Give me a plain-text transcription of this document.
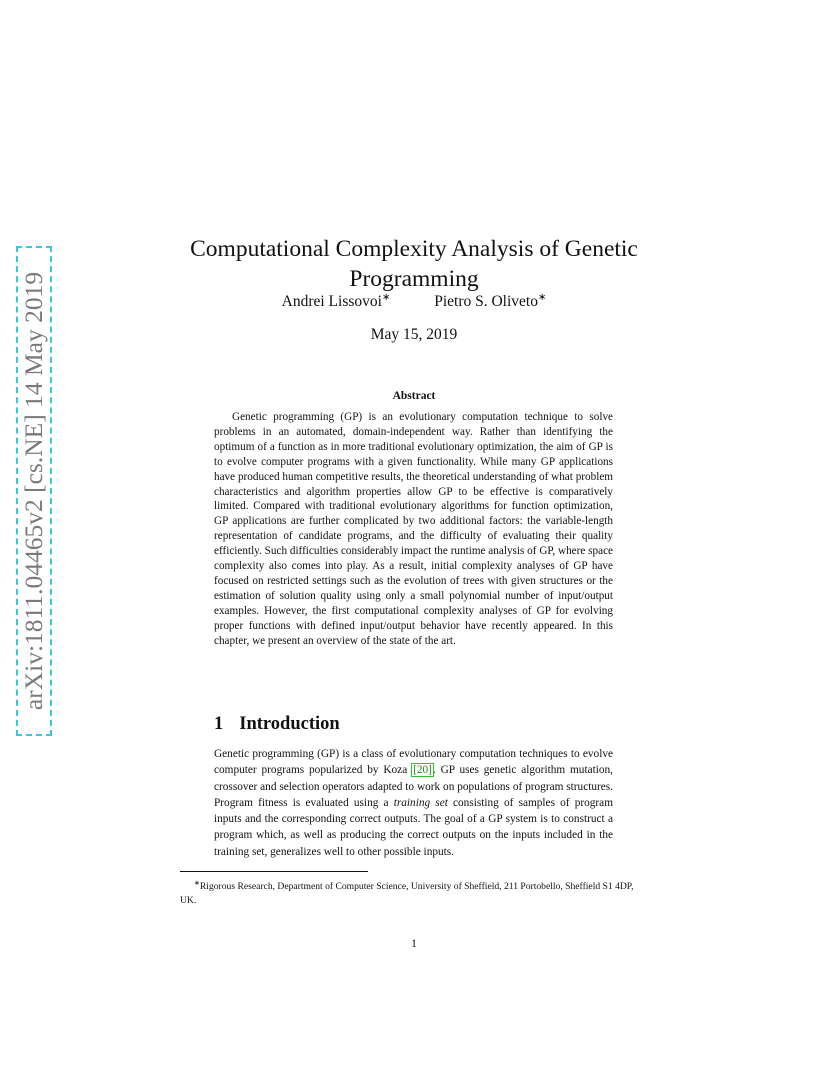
arXiv:1811.04465v2 [cs.NE] 14 May 2019
Computational Complexity Analysis of Genetic Programming
Andrei Lissovoi∗	Pietro S. Oliveto∗
May 15, 2019
Abstract

Genetic programming (GP) is an evolutionary computation technique to solve problems in an automated, domain-independent way. Rather than identifying the optimum of a function as in more traditional evolutionary optimization, the aim of GP is to evolve computer programs with a given functionality. While many GP applications have produced human competitive results, the theoretical understanding of what problem characteristics and algorithm properties allow GP to be effective is comparatively limited. Compared with traditional evolutionary algorithms for function optimization, GP applications are further complicated by two additional factors: the variable-length representation of candidate programs, and the difficulty of evaluating their quality efficiently. Such difficulties considerably impact the runtime analysis of GP, where space complexity also comes into play. As a result, initial complexity analyses of GP have focused on restricted settings such as the evolution of trees with given structures or the estimation of solution quality using only a small polynomial number of input/output examples. However, the first computational complexity analyses of GP for evolving proper functions with defined input/output behavior have recently appeared. In this chapter, we present an overview of the state of the art.

1 Introduction

Genetic programming (GP) is a class of evolutionary computation techniques to evolve computer programs popularized by Koza [20]. GP uses genetic algorithm mutation, crossover and selection operators adapted to work on populations of program structures. Program fitness is evaluated using a training set consisting of samples of program inputs and the corresponding correct outputs. The goal of a GP system is to construct a program which, as well as producing the correct outputs on the inputs included in the training set, generalizes well to other possible inputs.

∗Rigorous Research, Department of Computer Science, University of Sheffield, 211 Portobello, Sheffield S1 4DP, UK.

1
